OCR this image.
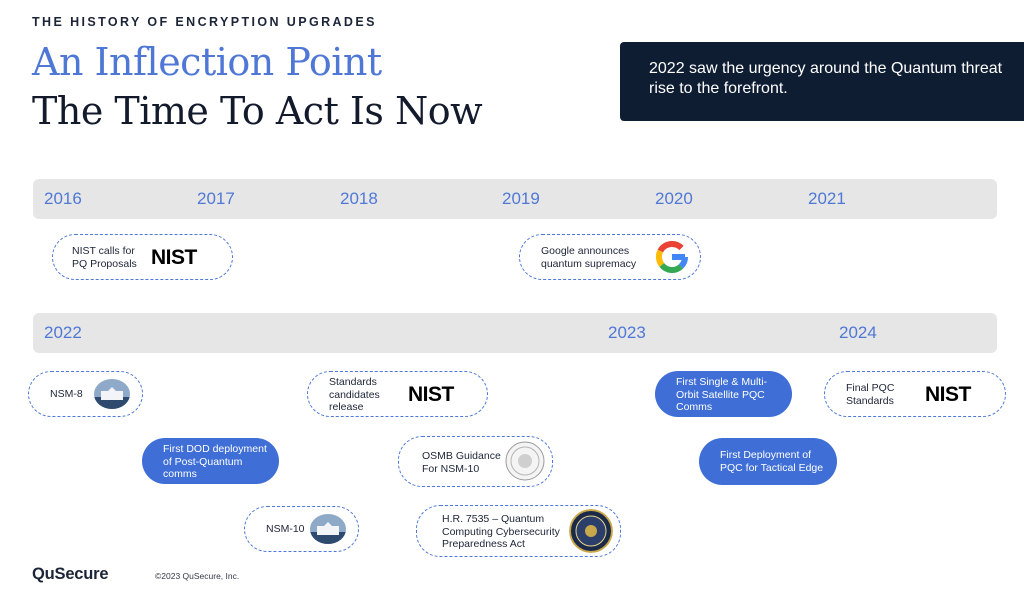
THE HISTORY OF ENCRYPTION UPGRADES
An Inflection Point
The Time To Act Is Now
2022 saw the urgency around the Quantum threat rise to the forefront.
2016	2017	2018	2019	2020	2021
NIST calls for PQ Proposals NIST	Google announces quantum supremacy
2022	2023	2024
NSM-8
First DOD deployment of Post-Quantum comms
NSM-10
Standards candidates release
NIST
OSMB Guidance For NSM-10
H.R. 7535 – Quantum Computing Cybersecurity Preparedness Act
First Single & Multi-Orbit Satellite PQC Comms
First Deployment of PQC for Tactical Edge
Final PQC Standards	NIST
QuSecure	©2023 QuSecure, Inc.
